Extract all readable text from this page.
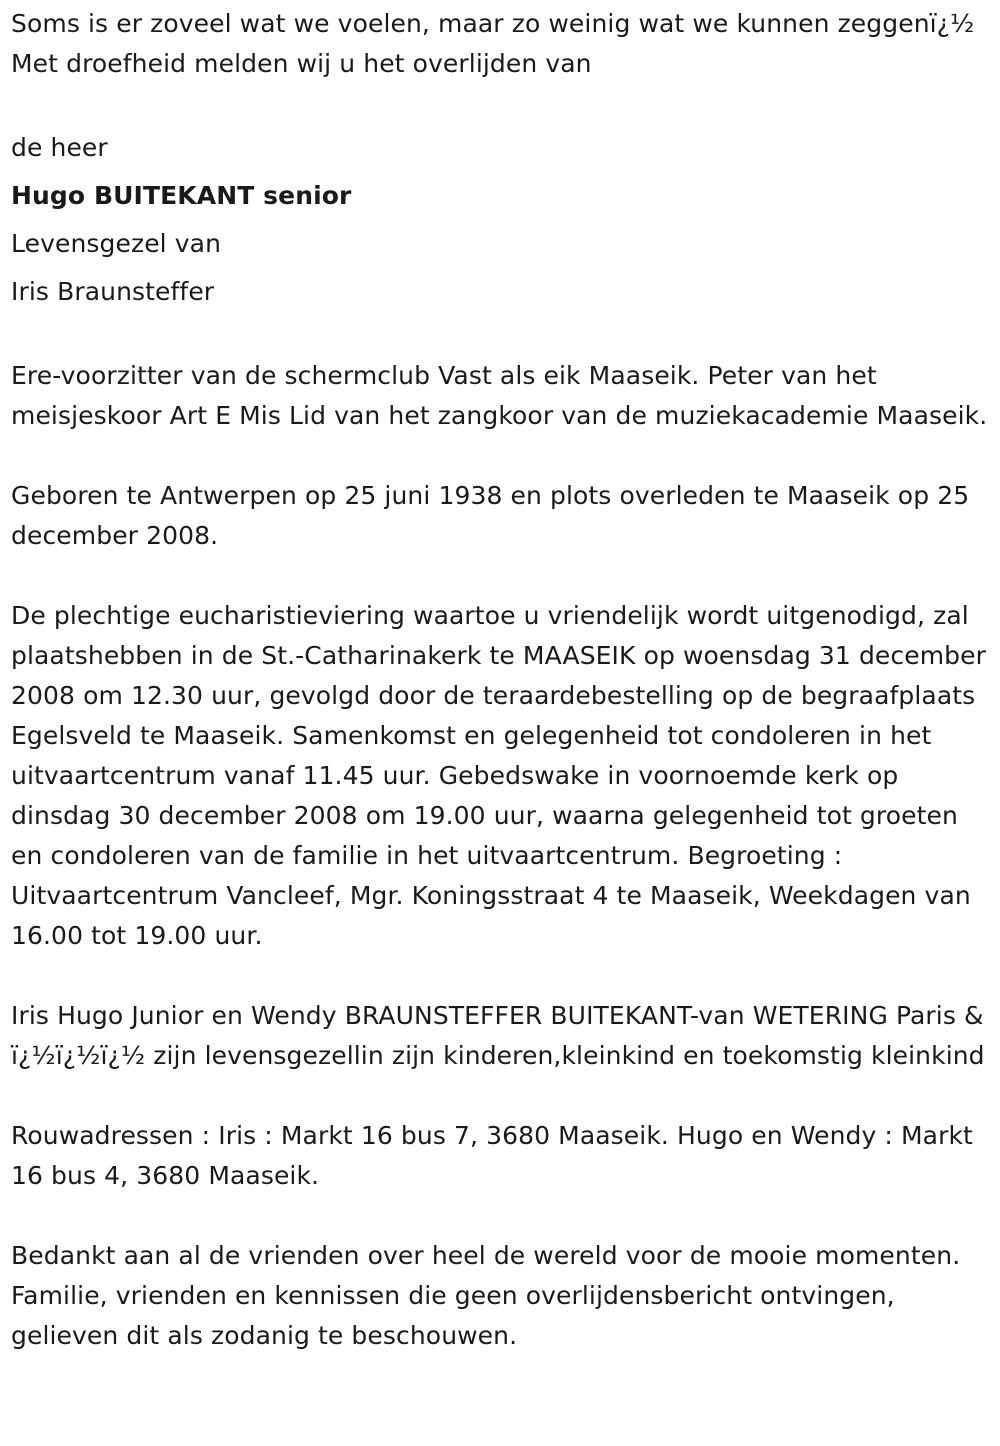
Soms is er zoveel wat we voelen, maar zo weinig wat we kunnen zeggenï¿½ Met droefheid melden wij u het overlijden van

de heer

Hugo BUITEKANT senior

Levensgezel van

Iris Braunsteffer

Ere-voorzitter van de schermclub Vast als eik Maaseik. Peter van het meisjeskoor Art E Mis Lid van het zangkoor van de muziekacademie Maaseik.

Geboren te Antwerpen op 25 juni 1938 en plots overleden te Maaseik op 25 december 2008.

De plechtige eucharistieviering waartoe u vriendelijk wordt uitgenodigd, zal plaatshebben in de St.-Catharinakerk te MAASEIK op woensdag 31 december 2008 om 12.30 uur, gevolgd door de teraardebestelling op de begraafplaats Egelsveld te Maaseik. Samenkomst en gelegenheid tot condoleren in het uitvaartcentrum vanaf 11.45 uur. Gebedswake in voornoemde kerk op dinsdag 30 december 2008 om 19.00 uur, waarna gelegenheid tot groeten en condoleren van de familie in het uitvaartcentrum. Begroeting : Uitvaartcentrum Vancleef, Mgr. Koningsstraat 4 te Maaseik, Weekdagen van 16.00 tot 19.00 uur.

Iris Hugo Junior en Wendy BRAUNSTEFFER BUITEKANT-van WETERING Paris & ï¿½ï¿½ï¿½ zijn levensgezellin zijn kinderen,kleinkind en toekomstig kleinkind

Rouwadressen : Iris : Markt 16 bus 7, 3680 Maaseik. Hugo en Wendy : Markt 16 bus 4, 3680 Maaseik.

Bedankt aan al de vrienden over heel de wereld voor de mooie momenten. Familie, vrienden en kennissen die geen overlijdensbericht ontvingen, gelieven dit als zodanig te beschouwen.
